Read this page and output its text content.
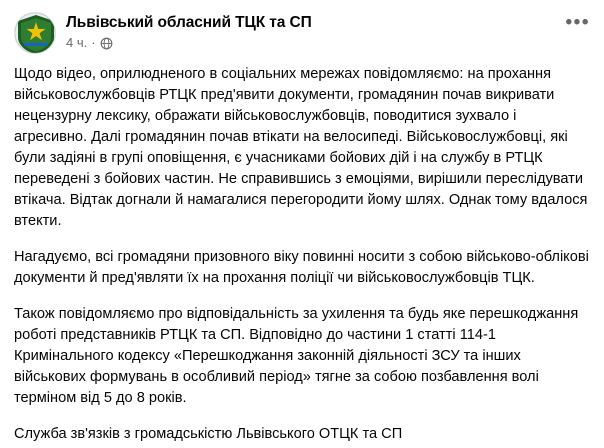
Львівський обласний ТЦК та СП
4 ч. ·
•••

Щодо відео, оприлюдненого в соціальних мережах повідомляємо: на прохання військовослужбовців РТЦК пред'явити документи, громадянин почав викривати нецензурну лексику, ображати військовослужбовців, поводитися зухвало і агресивно. Далі громадянин почав втікати на велосипеді. Військовослужбовці, які були задіяні в групі оповіщення, є учасниками бойових дій і на службу в РТЦК переведені з бойових частин. Не справившись з емоціями, вирішили переслідувати втікача. Відтак догнали й намагалися перегородити йому шлях. Однак тому вдалося втекти.

Нагадуємо, всі громадяни призовного віку повинні носити з собою військово-облікові документи й пред'являти їх на прохання поліції чи військовослужбовців ТЦК.

Також повідомляємо про відповідальність за ухилення та будь яке перешкоджання роботі представників РТЦК та СП. Відповідно до частини 1 статті 114-1 Кримінального кодексу «Перешкоджання законній діяльності ЗСУ та інших військових формувань в особливий період» тягне за собою позбавлення волі терміном від 5 до 8 років.

Служба зв'язків з громадськістю Львівського ОТЦК та СП
